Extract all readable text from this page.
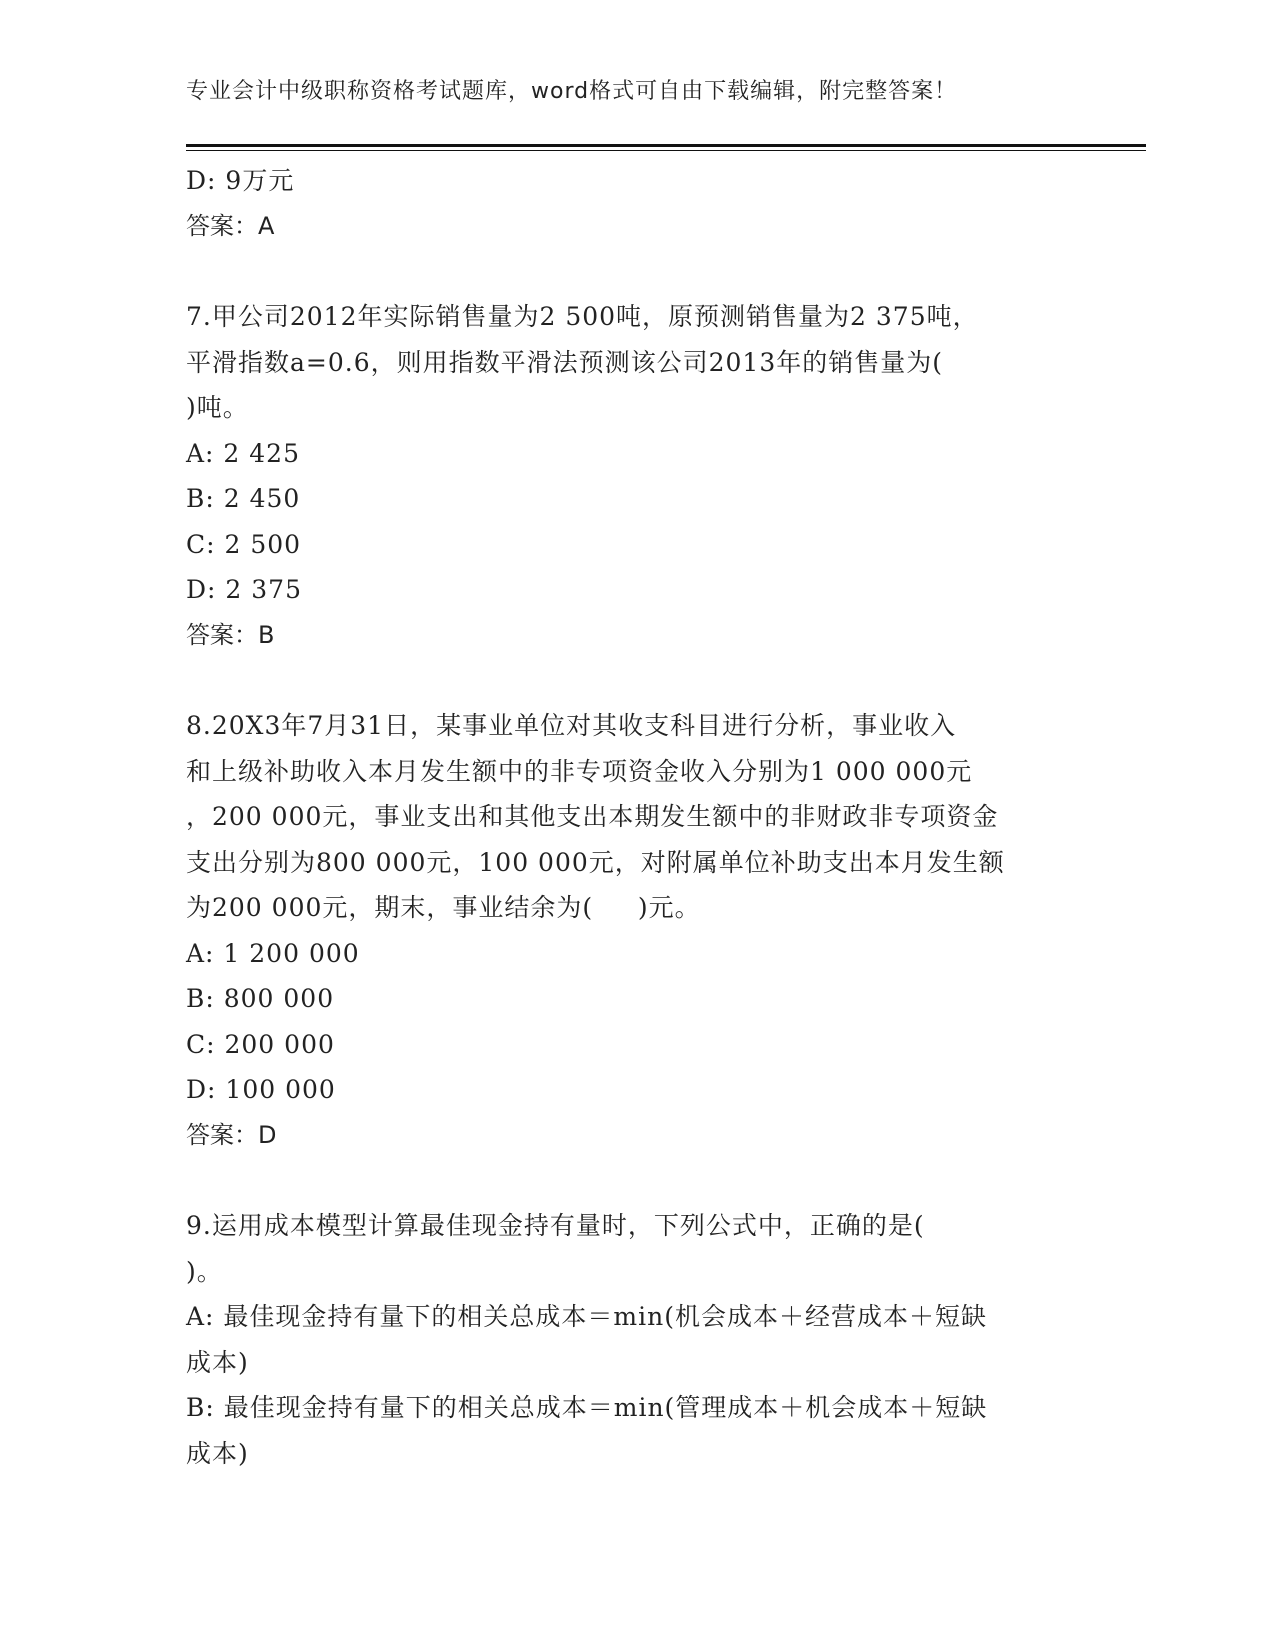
专业会计中级职称资格考试题库，word格式可自由下载编辑，附完整答案！
D: 9万元
答案：A
7.甲公司2012年实际销售量为2 500吨，原预测销售量为2 375吨，
平滑指数a=0.6，则用指数平滑法预测该公司2013年的销售量为(
)吨。
A: 2 425
B: 2 450
C: 2 500
D: 2 375
答案：B
8.20X3年7月31日，某事业单位对其收支科目进行分析，事业收入
和上级补助收入本月发生额中的非专项资金收入分别为1 000 000元
，200 000元，事业支出和其他支出本期发生额中的非财政非专项资金
支出分别为800 000元，100 000元，对附属单位补助支出本月发生额
为200 000元，期末，事业结余为(     )元。
A: 1 200 000
B: 800 000
C: 200 000
D: 100 000
答案：D
9.运用成本模型计算最佳现金持有量时，下列公式中，正确的是(
)。
A: 最佳现金持有量下的相关总成本＝min(机会成本＋经营成本＋短缺
成本)
B: 最佳现金持有量下的相关总成本＝min(管理成本＋机会成本＋短缺
成本)
